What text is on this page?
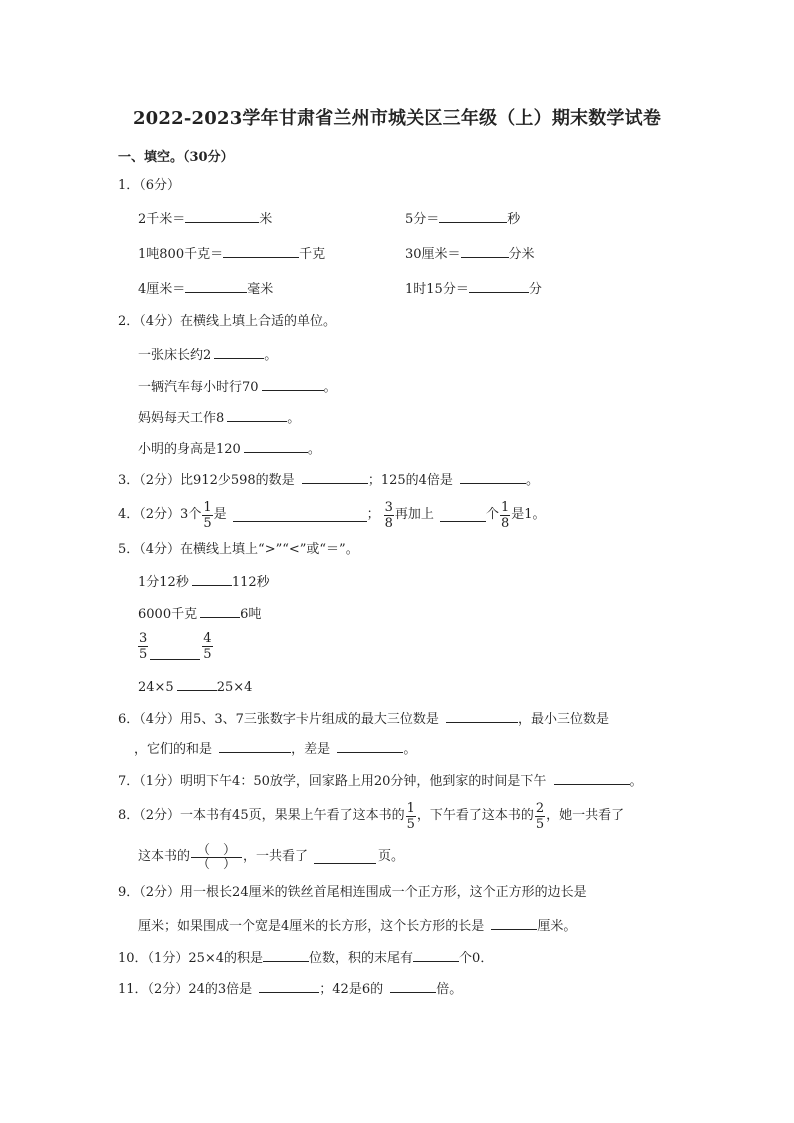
2022-2023学年甘肃省兰州市城关区三年级（上）期末数学试卷
一、填空。（30分）
1．（6分）
2千米＝	米	5分＝	秒
1吨800千克＝	千克	30厘米＝	分米
4厘米＝	毫米	1时15分＝	分
2．（4分）在横线上填上合适的单位。
一张床长约2	。
一辆汽车每小时行70	。
妈妈每天工作8	。
小明的身高是120	。
3．（2分）比912少598的数是	；125的4倍是	。
4．（2分）3个 $\frac{1}{5}$ 是	； $\frac{3}{8}$ 再加上	个 $\frac{1}{8}$ 是1。
5．（4分）在横线上填上“>”“<”或“＝”。
1分12秒	112秒
6000千克	6吨
$\frac{3}{5}$	$\frac{4}{5}$
24×5	25×4
6．（4分）用5、3、7三张数字卡片组成的最大三位数是	，最小三位数是
，它们的和是	，差是	。
7．（1分）明明下午4：50放学，回家路上用20分钟，他到家的时间是下午	。
8．（2分）一本书有45页，果果上午看了这本书的 $\frac{1}{5}$ ，下午看了这本书的 $\frac{2}{5}$ ，她一共看了
这本书的 $\frac{( )}{( )}$ ，一共看了	页。
9．（2分）用一根长24厘米的铁丝首尾相连围成一个正方形，这个正方形的边长是
厘米；如果围成一个宽是4厘米的长方形，这个长方形的长是	厘米。
10．（1分）25×4的积是	位数，积的末尾有	个0．
11．（2分）24的3倍是	；42是6的	倍。
